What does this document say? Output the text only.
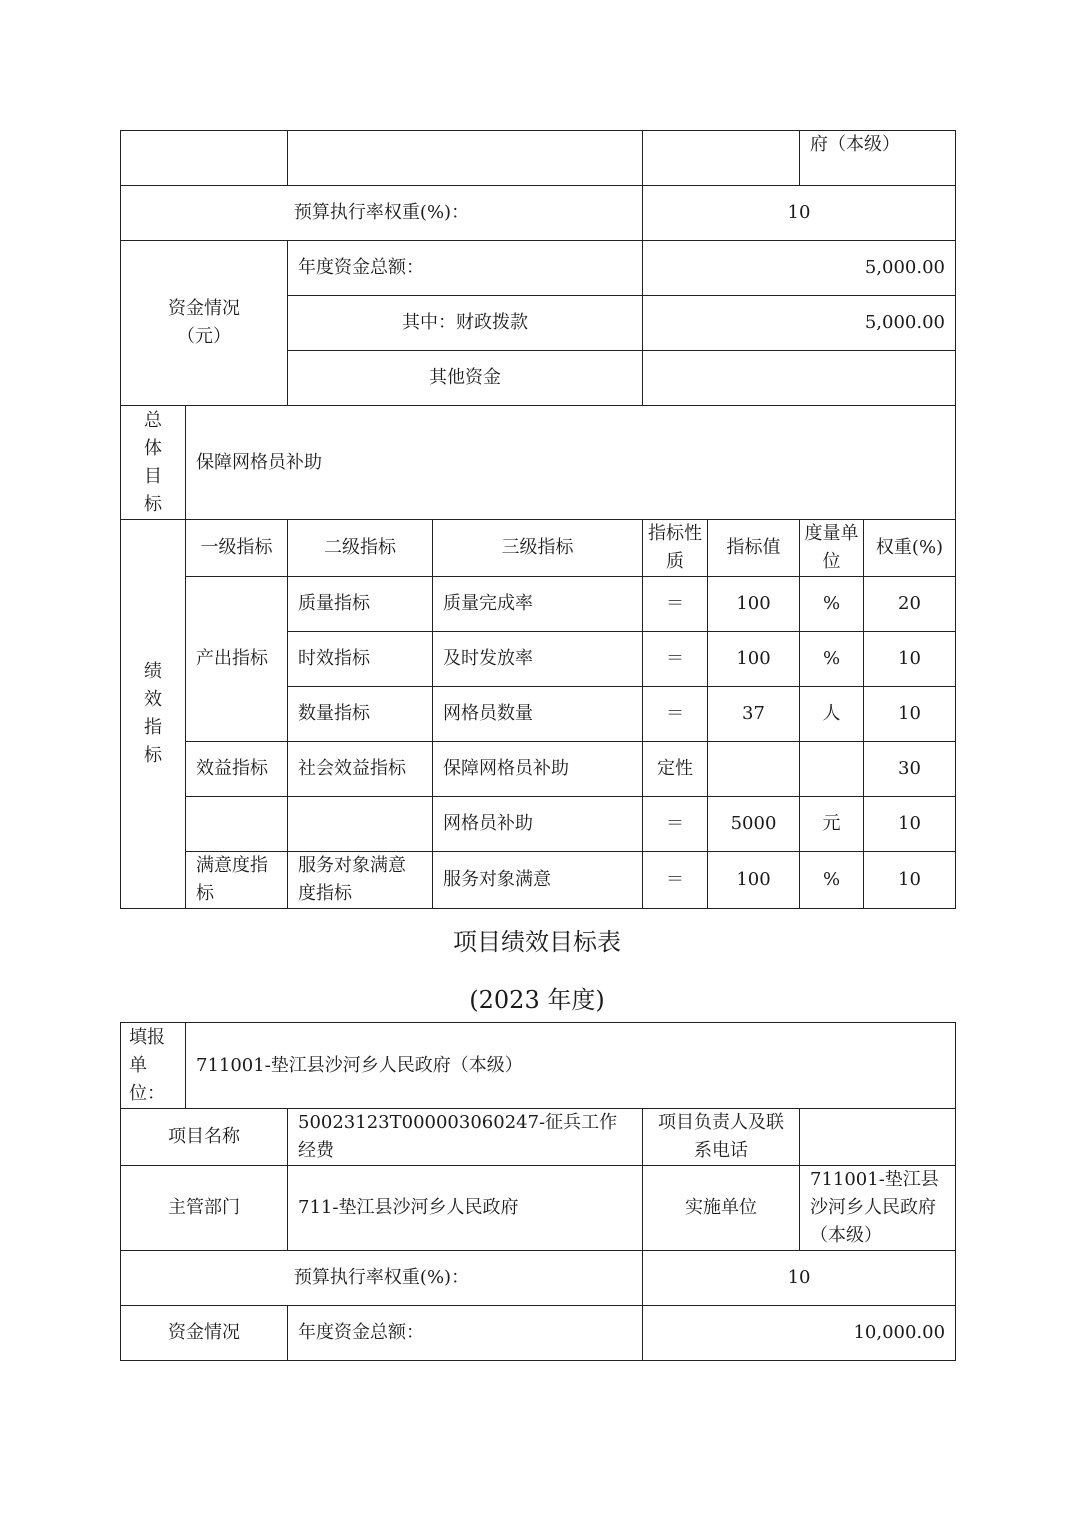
						府（本级）	
预算执行率权重(%)：				10			

资金情况
（元）		年度资金总额：		5,000.00			
		其中：财政拨款		5,000.00			
		其他资金					

总
体
目
标	保障网格员补助						

绩
效
指
标	一级指标	二级指标	三级指标	指标性质	指标值	度量单位	权重(%)
	产出指标	质量指标	质量完成率	＝	100	%	20
		时效指标	及时发放率	＝	100	%	10
		数量指标	网格员数量	＝	37	人	10
	效益指标	社会效益指标	保障网格员补助	定性			30
			网格员补助	＝	5000	元	10
	满意度指标	服务对象满意度指标	服务对象满意	＝	100	%	10
项目绩效目标表
(2023 年度)
填报单位：	711001-垫江县沙河乡人民政府（本级）			
项目名称		50023123T000003060247-征兵工作经费	项目负责人及联系电话	
主管部门		711-垫江县沙河乡人民政府	实施单位	711001-垫江县沙河乡人民政府（本级）
预算执行率权重(%)：			10	
资金情况		年度资金总额：	10,000.00	
